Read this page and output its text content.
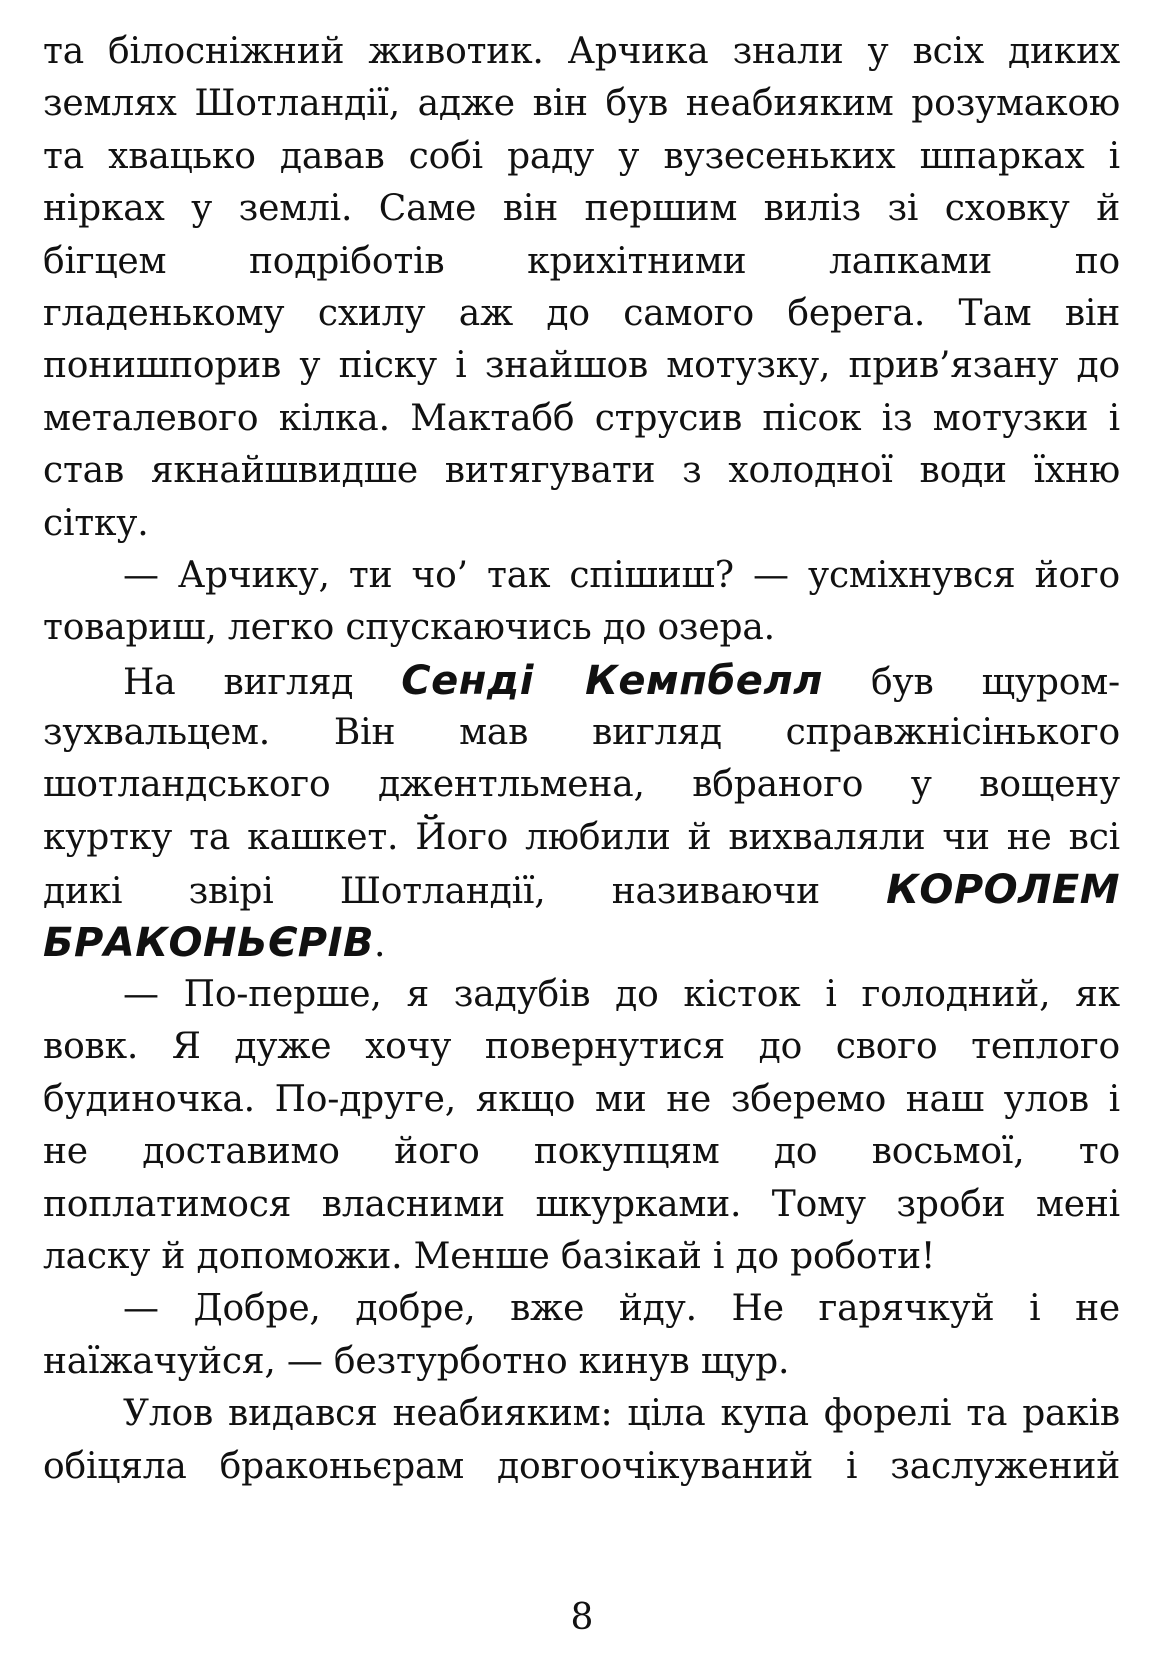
та білосніжний животик. Арчика знали у всіх диких
землях Шотландії, адже він був неабияким розумакою
та хвацько давав собі раду у вузесеньких шпарках і
нірках у землі. Саме він першим виліз зі сховку й
бігцем подріботів крихітними лапками по
гладенькому схилу аж до самого берега. Там він
понишпорив у піску і знайшов мотузку, прив’язану до
металевого кілка. Мактабб струсив пісок із мотузки і
став якнайшвидше витягувати з холодної води їхню
сітку.
— Арчику, ти чо’ так спішиш? — усміхнувся його
товариш, легко спускаючись до озера.
На вигляд Сенді Кемпбелл був щуром-
зухвальцем. Він мав вигляд справжнісінького
шотландського джентльмена, вбраного у вощену
куртку та кашкет. Його любили й вихваляли чи не всі
дикі звірі Шотландії, називаючи КОРОЛЕМ
БРАКОНЬЄРІВ.
— По-перше, я задубів до кісток і голодний, як
вовк. Я дуже хочу повернутися до свого теплого
будиночка. По-друге, якщо ми не зберемо наш улов і
не доставимо його покупцям до восьмої, то
поплатимося власними шкурками. Тому зроби мені
ласку й допоможи. Менше базікай і до роботи!
— Добре, добре, вже йду. Не гарячкуй і не
наїжачуйся, — безтурботно кинув щур.
Улов видався неабияким: ціла купа форелі та раків
обіцяла браконьєрам довгоочікуваний і заслужений
8
